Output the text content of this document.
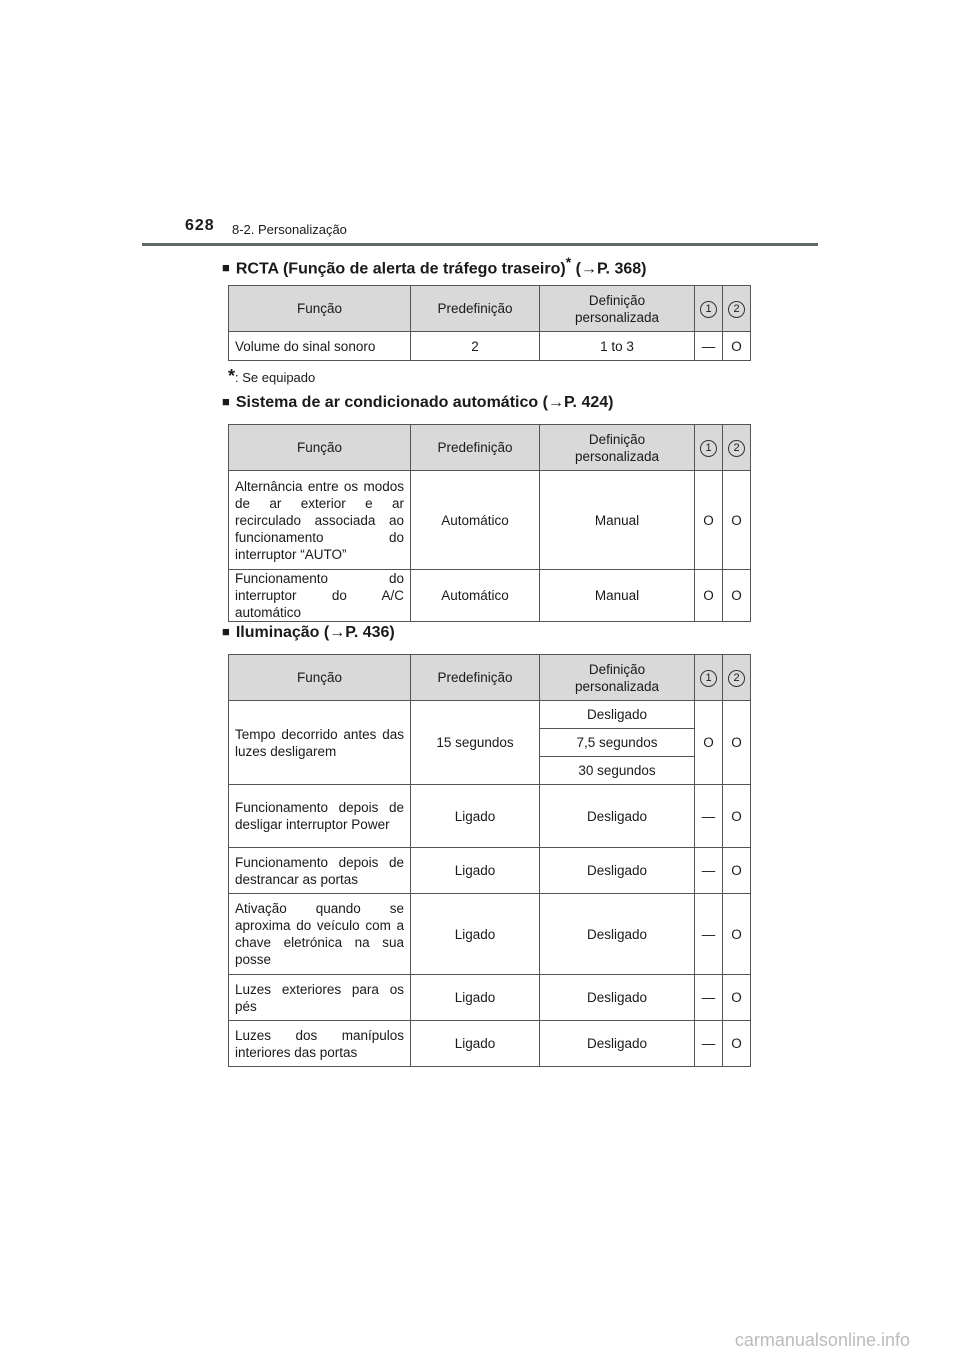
628 8-2. Personalização
■ RCTA (Função de alerta de tráfego traseiro)* (→P. 368)
Função	Predefinição	Definição personalizada	1	2
Volume do sinal sonoro	2	1 to 3	—	O
*: Se equipado
■ Sistema de ar condicionado automático (→P. 424)
Função	Predefinição	Definição personalizada	1	2
Alternância entre os modos de ar exterior e ar recirculado associada ao funcionamento do interruptor “AUTO”	Automático	Manual	O	O
Funcionamento do interruptor do A/C automático	Automático	Manual	O	O
■ Iluminação (→P. 436)
Função	Predefinição	Definição personalizada	1	2
Tempo decorrido antes das luzes desligarem	15 segundos	Desligado	O	O
		7,5 segundos		
		30 segundos		
Funcionamento depois de desligar interruptor Power	Ligado	Desligado	—	O
Funcionamento depois de destrancar as portas	Ligado	Desligado	—	O
Ativação quando se aproxima do veículo com a chave eletrónica na sua posse	Ligado	Desligado	—	O
Luzes exteriores para os pés	Ligado	Desligado	—	O
Luzes dos manípulos interiores das portas	Ligado	Desligado	—	O
carmanualsonline.info
